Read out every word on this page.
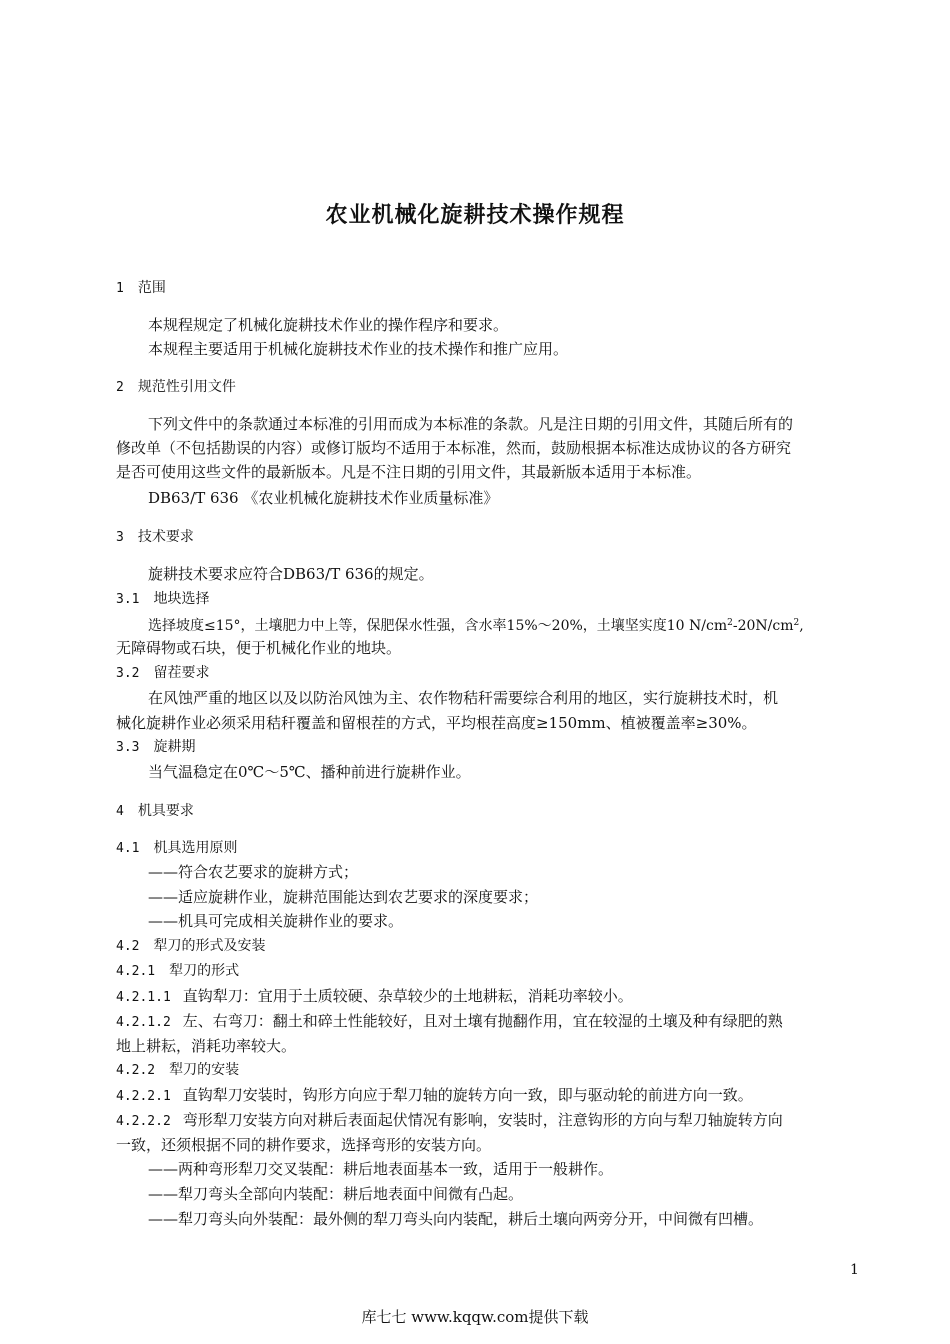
农业机械化旋耕技术操作规程
1 范围
本规程规定了机械化旋耕技术作业的操作程序和要求。
本规程主要适用于机械化旋耕技术作业的技术操作和推广应用。
2 规范性引用文件
下列文件中的条款通过本标准的引用而成为本标准的条款。凡是注日期的引用文件，其随后所有的
修改单（不包括勘误的内容）或修订版均不适用于本标准，然而，鼓励根据本标准达成协议的各方研究
是否可使用这些文件的最新版本。凡是不注日期的引用文件，其最新版本适用于本标准。
DB63/T 636 《农业机械化旋耕技术作业质量标准》
3 技术要求
旋耕技术要求应符合DB63/T 636的规定。
3.1 地块选择
选择坡度≤15°，土壤肥力中上等，保肥保水性强，含水率15%～20%，土壤坚实度10 $N/cm^2-20N/cm^2$,
无障碍物或石块，便于机械化作业的地块。
3.2 留茬要求
在风蚀严重的地区以及以防治风蚀为主、农作物秸秆需要综合利用的地区，实行旋耕技术时，机
械化旋耕作业必须采用秸秆覆盖和留根茬的方式，平均根茬高度≥150mm、植被覆盖率≥30%。
3.3 旋耕期
当气温稳定在0℃～5℃、播种前进行旋耕作业。
4 机具要求
4.1 机具选用原则
——符合农艺要求的旋耕方式；
——适应旋耕作业，旋耕范围能达到农艺要求的深度要求；
——机具可完成相关旋耕作业的要求。
4.2 犁刀的形式及安装
4.2.1 犁刀的形式
4.2.1.1 直钩犁刀：宜用于土质较硬、杂草较少的土地耕耘，消耗功率较小。
4.2.1.2 左、右弯刀：翻土和碎土性能较好，且对土壤有抛翻作用，宜在较湿的土壤及种有绿肥的熟
地上耕耘，消耗功率较大。
4.2.2 犁刀的安装
4.2.2.1 直钩犁刀安装时，钩形方向应于犁刀轴的旋转方向一致，即与驱动轮的前进方向一致。
4.2.2.2 弯形犁刀安装方向对耕后表面起伏情况有影响，安装时，注意钩形的方向与犁刀轴旋转方向
一致，还须根据不同的耕作要求，选择弯形的安装方向。
——两种弯形犁刀交叉装配：耕后地表面基本一致，适用于一般耕作。
——犁刀弯头全部向内装配：耕后地表面中间微有凸起。
——犁刀弯头向外装配：最外侧的犁刀弯头向内装配，耕后土壤向两旁分开，中间微有凹槽。
1
库七七 www.kqqw.com提供下载
